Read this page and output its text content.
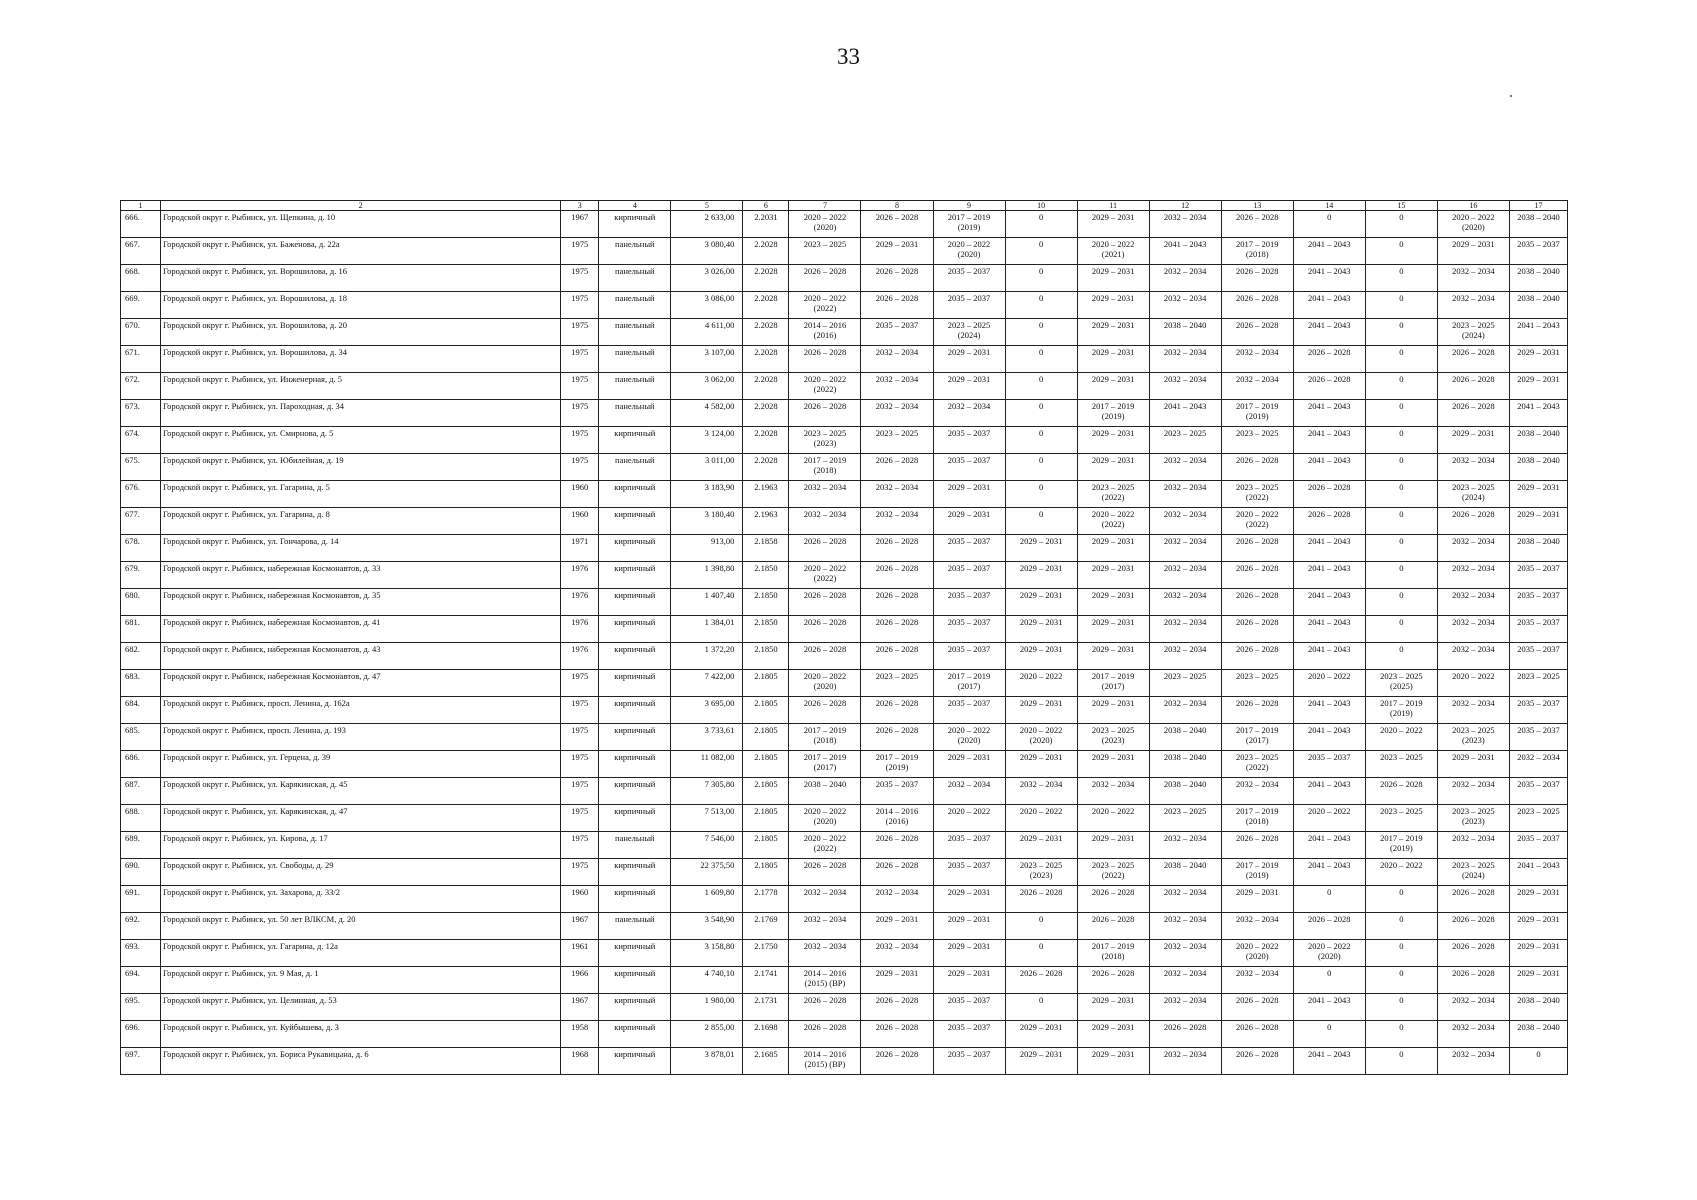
33
1	2	3	4	5	6	7	8	9	10	11	12	13	14	15	16	17
666.	Городской округ г. Рыбинск, ул. Щепкина, д. 10	1967	кирпичный	2 633,00	2.2031	2020 – 2022
(2020)	2026 – 2028	2017 – 2019
(2019)	0	2029 – 2031	2032 – 2034	2026 – 2028	0	0	2020 – 2022
(2020)	2038 – 2040
667.	Городской округ г. Рыбинск, ул. Баженова, д. 22а	1975	панельный	3 080,40	2.2028	2023 – 2025	2029 – 2031	2020 – 2022
(2020)	0	2020 – 2022
(2021)	2041 – 2043	2017 – 2019
(2018)	2041 – 2043	0	2029 – 2031	2035 – 2037
668.	Городской округ г. Рыбинск, ул. Ворошилова, д. 16	1975	панельный	3 026,00	2.2028	2026 – 2028	2026 – 2028	2035 – 2037	0	2029 – 2031	2032 – 2034	2026 – 2028	2041 – 2043	0	2032 – 2034	2038 – 2040
669.	Городской округ г. Рыбинск, ул. Ворошилова, д. 18	1975	панельный	3 086,00	2.2028	2020 – 2022
(2022)	2026 – 2028	2035 – 2037	0	2029 – 2031	2032 – 2034	2026 – 2028	2041 – 2043	0	2032 – 2034	2038 – 2040
670.	Городской округ г. Рыбинск, ул. Ворошилова, д. 20	1975	панельный	4 611,00	2.2028	2014 – 2016
(2016)	2035 – 2037	2023 – 2025
(2024)	0	2029 – 2031	2038 – 2040	2026 – 2028	2041 – 2043	0	2023 – 2025
(2024)	2041 – 2043
671.	Городской округ г. Рыбинск, ул. Ворошилова, д. 34	1975	панельный	3 107,00	2.2028	2026 – 2028	2032 – 2034	2029 – 2031	0	2029 – 2031	2032 – 2034	2032 – 2034	2026 – 2028	0	2026 – 2028	2029 – 2031
672.	Городской округ г. Рыбинск, ул. Инженерная, д. 5	1975	панельный	3 062,00	2.2028	2020 – 2022
(2022)	2032 – 2034	2029 – 2031	0	2029 – 2031	2032 – 2034	2032 – 2034	2026 – 2028	0	2026 – 2028	2029 – 2031
673.	Городской округ г. Рыбинск, ул. Пароходная, д. 34	1975	панельный	4 582,00	2.2028	2026 – 2028	2032 – 2034	2032 – 2034	0	2017 – 2019
(2019)	2041 – 2043	2017 – 2019
(2019)	2041 – 2043	0	2026 – 2028	2041 – 2043
674.	Городской округ г. Рыбинск, ул. Смирнова, д. 5	1975	кирпичный	3 124,00	2.2028	2023 – 2025
(2023)	2023 – 2025	2035 – 2037	0	2029 – 2031	2023 – 2025	2023 – 2025	2041 – 2043	0	2029 – 2031	2038 – 2040
675.	Городской округ г. Рыбинск, ул. Юбилейная, д. 19	1975	панельный	3 011,00	2.2028	2017 – 2019
(2018)	2026 – 2028	2035 – 2037	0	2029 – 2031	2032 – 2034	2026 – 2028	2041 – 2043	0	2032 – 2034	2038 – 2040
676.	Городской округ г. Рыбинск, ул. Гагарина, д. 5	1960	кирпичный	3 183,90	2.1963	2032 – 2034	2032 – 2034	2029 – 2031	0	2023 – 2025
(2022)	2032 – 2034	2023 – 2025
(2022)	2026 – 2028	0	2023 – 2025
(2024)	2029 – 2031
677.	Городской округ г. Рыбинск, ул. Гагарина, д. 8	1960	кирпичный	3 180,40	2.1963	2032 – 2034	2032 – 2034	2029 – 2031	0	2020 – 2022
(2022)	2032 – 2034	2020 – 2022
(2022)	2026 – 2028	0	2026 – 2028	2029 – 2031
678.	Городской округ г. Рыбинск, ул. Гончарова, д. 14	1971	кирпичный	913,00	2.1858	2026 – 2028	2026 – 2028	2035 – 2037	2029 – 2031	2029 – 2031	2032 – 2034	2026 – 2028	2041 – 2043	0	2032 – 2034	2038 – 2040
679.	Городской округ г. Рыбинск, набережная Космонавтов, д. 33	1976	кирпичный	1 398,80	2.1850	2020 – 2022
(2022)	2026 – 2028	2035 – 2037	2029 – 2031	2029 – 2031	2032 – 2034	2026 – 2028	2041 – 2043	0	2032 – 2034	2035 – 2037
680.	Городской округ г. Рыбинск, набережная Космонавтов, д. 35	1976	кирпичный	1 407,40	2.1850	2026 – 2028	2026 – 2028	2035 – 2037	2029 – 2031	2029 – 2031	2032 – 2034	2026 – 2028	2041 – 2043	0	2032 – 2034	2035 – 2037
681.	Городской округ г. Рыбинск, набережная Космонавтов, д. 41	1976	кирпичный	1 384,01	2.1850	2026 – 2028	2026 – 2028	2035 – 2037	2029 – 2031	2029 – 2031	2032 – 2034	2026 – 2028	2041 – 2043	0	2032 – 2034	2035 – 2037
682.	Городской округ г. Рыбинск, набережная Космонавтов, д. 43	1976	кирпичный	1 372,20	2.1850	2026 – 2028	2026 – 2028	2035 – 2037	2029 – 2031	2029 – 2031	2032 – 2034	2026 – 2028	2041 – 2043	0	2032 – 2034	2035 – 2037
683.	Городской округ г. Рыбинск, набережная Космонавтов, д. 47	1975	кирпичный	7 422,00	2.1805	2020 – 2022
(2020)	2023 – 2025	2017 – 2019
(2017)	2020 – 2022	2017 – 2019
(2017)	2023 – 2025	2023 – 2025	2020 – 2022	2023 – 2025
(2025)	2020 – 2022	2023 – 2025
684.	Городской округ г. Рыбинск, просп. Ленина, д. 162а	1975	кирпичный	3 695,00	2.1805	2026 – 2028	2026 – 2028	2035 – 2037	2029 – 2031	2029 – 2031	2032 – 2034	2026 – 2028	2041 – 2043	2017 – 2019
(2019)	2032 – 2034	2035 – 2037
685.	Городской округ г. Рыбинск, просп. Ленина, д. 193	1975	кирпичный	3 733,61	2.1805	2017 – 2019
(2018)	2026 – 2028	2020 – 2022
(2020)	2020 – 2022
(2020)	2023 – 2025
(2023)	2038 – 2040	2017 – 2019
(2017)	2041 – 2043	2020 – 2022	2023 – 2025
(2023)	2035 – 2037
686.	Городской округ г. Рыбинск, ул. Герцена, д. 39	1975	кирпичный	11 082,00	2.1805	2017 – 2019
(2017)	2017 – 2019
(2019)	2029 – 2031	2029 – 2031	2029 – 2031	2038 – 2040	2023 – 2025
(2022)	2035 – 2037	2023 – 2025	2029 – 2031	2032 – 2034
687.	Городской округ г. Рыбинск, ул. Карякинская, д. 45	1975	кирпичный	7 305,80	2.1805	2038 – 2040	2035 – 2037	2032 – 2034	2032 – 2034	2032 – 2034	2038 – 2040	2032 – 2034	2041 – 2043	2026 – 2028	2032 – 2034	2035 – 2037
688.	Городской округ г. Рыбинск, ул. Карякинская, д. 47	1975	кирпичный	7 513,00	2.1805	2020 – 2022
(2020)	2014 – 2016
(2016)	2020 – 2022	2020 – 2022	2020 – 2022	2023 – 2025	2017 – 2019
(2018)	2020 – 2022	2023 – 2025	2023 – 2025
(2023)	2023 – 2025
689.	Городской округ г. Рыбинск, ул. Кирова, д. 17	1975	панельный	7 546,00	2.1805	2020 – 2022
(2022)	2026 – 2028	2035 – 2037	2029 – 2031	2029 – 2031	2032 – 2034	2026 – 2028	2041 – 2043	2017 – 2019
(2019)	2032 – 2034	2035 – 2037
690.	Городской округ г. Рыбинск, ул. Свободы, д. 29	1975	кирпичный	22 375,50	2.1805	2026 – 2028	2026 – 2028	2035 – 2037	2023 – 2025
(2023)	2023 – 2025
(2022)	2038 – 2040	2017 – 2019
(2019)	2041 – 2043	2020 – 2022	2023 – 2025
(2024)	2041 – 2043
691.	Городской округ г. Рыбинск, ул. Захарова, д. 33/2	1960	кирпичный	1 609,80	2.1778	2032 – 2034	2032 – 2034	2029 – 2031	2026 – 2028	2026 – 2028	2032 – 2034	2029 – 2031	0	0	2026 – 2028	2029 – 2031
692.	Городской округ г. Рыбинск, ул. 50 лет ВЛКСМ, д. 20	1967	панельный	3 548,90	2.1769	2032 – 2034	2029 – 2031	2029 – 2031	0	2026 – 2028	2032 – 2034	2032 – 2034	2026 – 2028	0	2026 – 2028	2029 – 2031
693.	Городской округ г. Рыбинск, ул. Гагарина, д. 12а	1961	кирпичный	3 158,80	2.1750	2032 – 2034	2032 – 2034	2029 – 2031	0	2017 – 2019
(2018)	2032 – 2034	2020 – 2022
(2020)	2020 – 2022
(2020)	0	2026 – 2028	2029 – 2031
694.	Городской округ г. Рыбинск, ул. 9 Мая, д. 1	1966	кирпичный	4 740,10	2.1741	2014 – 2016
(2015) (ВР)	2029 – 2031	2029 – 2031	2026 – 2028	2026 – 2028	2032 – 2034	2032 – 2034	0	0	2026 – 2028	2029 – 2031
695.	Городской округ г. Рыбинск, ул. Целинная, д. 53	1967	кирпичный	1 980,00	2.1731	2026 – 2028	2026 – 2028	2035 – 2037	0	2029 – 2031	2032 – 2034	2026 – 2028	2041 – 2043	0	2032 – 2034	2038 – 2040
696.	Городской округ г. Рыбинск, ул. Куйбышева, д. 3	1958	кирпичный	2 855,00	2.1698	2026 – 2028	2026 – 2028	2035 – 2037	2029 – 2031	2029 – 2031	2026 – 2028	2026 – 2028	0	0	2032 – 2034	2038 – 2040
697.	Городской округ г. Рыбинск, ул. Бориса Рукавицына, д. 6	1968	кирпичный	3 878,01	2.1685	2014 – 2016
(2015) (ВР)	2026 – 2028	2035 – 2037	2029 – 2031	2029 – 2031	2032 – 2034	2026 – 2028	2041 – 2043	0	2032 – 2034	0
